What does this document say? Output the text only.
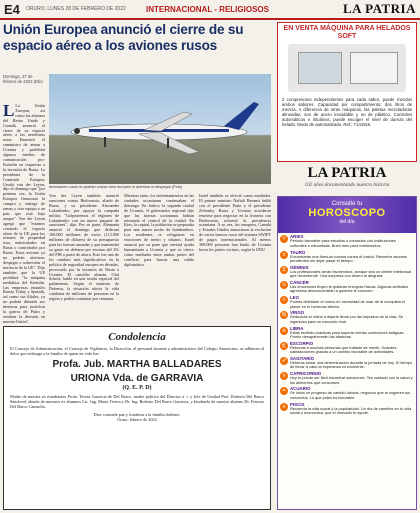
E4	ORURO, LUNES 28 DE FEBRERO DE 2022	INTERNACIONAL - RELIGIOSOS	LA PATRIA
Unión Europea anunció el cierre de su espacio aéreo a los aviones rusos
Domingo, 27 de febrero de 2022 (Efe)
Aeronaves rusas no podrán cruzar cielo europeo ni aterrizar ni despegar (Foto)
L La Unión Europea, así como las alianzas del Reino Unido y Canadá, anunció el cierre de su espacio aéreo a las aerolíneas rusas. Enumeró el suministro de armas a Ucrania y prohibirá algunos medios de comunicación pro-Kremlin en respuesta a la invasión de Rusia. La presidenta de la Comisión Europea, Ursula von der Leyen, dijo el domingo que "por primera vez, la Unión Europea financiará la compra y entrega de armas y otro equipo a un país que está bajo ataque". Von der Leyen agregó que "estamos cerrando el espacio aéreo de la UE para los aviones de propiedad rusa, matriculados en Rusia o controlados por Rusia. Estos aviones ya no podrán aterrizar, despegar o sobrevolar el territorio de la UE". Dijo también que la UE prohibirá "la máquina mediática del Kremlin. Las empresas estatales Russia Today y Sputnik, así como sus filiales, ya no podrán difundir sus mentiras para justificar la guerra de Putin y sembrar la división en nuestra Unión".
Von der Leyen también anunció sanciones contra Bielorrusia, aliado de Rusia, y su presidente Alexander Lukashenko, por apoyar la campaña militar. "Golpearemos el régimen de Lukashenko con un nuevo paquete de sanciones", dijo. Por su parte, Alemania anunció el domingo que dedicará 100.000 millones de euros (113.000 millones de dólares) de su presupuesto para las fuerzas armadas y que mantendrá su gasto en defensa por encima del 2% del PIB a partir de ahora. Este fue uno de los cambios más significativos en la política de seguridad europea en décadas, provocado por la invasión de Rusia a Ucrania. El canciller alemán, Olaf Scholz, habló en una sesión especial del parlamento. Según el ministro de Defensa, la situación afecta la vida cotidiana de millones de personas en la región y podría continuar por semanas.
Mientras tanto, los enfrentamientos en las ciudades ucranianas continuaban el domingo. En Jarkov, la segunda ciudad de Ucrania, el gobernador regional dijo que las fuerzas ucranianas habían retomado el control de la ciudad. En Kiev, la capital, la población se preparaba para una nueva noche de bombardeos. Los residentes se refugiaron en estaciones de metro y sótanos. Israel anunció por su parte que enviará ayuda humanitaria a Ucrania y que se ofrece como mediador entre ambas partes del conflicto para buscar una salida diplomática.
Israel también se ofreció como mediador. El primer ministro Naftali Bennett habló con el presidente Putin y el presidente Zelensky. Rusia y Ucrania acordaron reunirse para negociar en la frontera con Bielorrusia, informó la presidencia ucraniana. A su vez, los europeos, Canadá y Estados Unidos anunciaron la exclusión de varios bancos rusos del sistema SWIFT de pagos internacionales. Al menos 368.000 personas han huido de Ucrania hacia los países vecinos, según la ONU.
Condolencia
El Consejo de Administración, el Consejo de Vigilancia, la Dirección, el personal docente y administrativo del Colegio Americano, se adhieren al dolor que embarga a la familia de quien en vida fue:
Profa. Jub. MARTHA BALLADARES
URIONA Vda. de GARRAVIA
(Q. E. P. D)
Madre de nuestra ex estudiantes Profa. Teresa Garravia de Del Barco, madre política del Director a. i. y Jefe de Unidad Prof. Roberto Del Barco Sandoval, abuela de nuestros ex alumnos Lic. Ing. María Teresa y Dr. Ing. Roberto Del Barco Garravia, y bisabuela de nuestro alumno Dr. Ernesto Del Barco Camacho.
Dios consuele paz y fortaleza a la familia doliente.
Oruro, febrero de 2022
EN VENTA MÁQUINA PARA HELADOS SOFT
2 compresores independientes para cada sabor, puede mezclar ambos sabores. Capacidad por compartimiento: dos litros de mezcla. A diferencia de otras máquinas, las paletas mezcladoras alineadas, son de acero inoxidable y no de plástico. Controles automáticos e intuitivos, puede escoger el nivel de dureza del helado. Modo de automatizado. Ref.: 7141516
LA PATRIA
102 años documentando nuestra historia
Consulte tu
HOROSCOPO
del día
♈ ARIES
Periodo favorable para estudios o contactos con instituciones culturales o educativas. Buen mes para matrimonios.
♉ TAURO
Encontrarás una fórmula curiosa contra el hastío. Resuelve asuntos pendientes sin dejar pasar el tiempo.
♊ GÉMINIS
Los profesionales serán favorecidos, aunque sea un cliente intelectual que recomiende. Una sorpresa con dinero te alegrará.
♋ CÁNCER
Las emociones fluyen te quitarán energías físicas. Algunas actitudes agresivas desconcertarán a quienes te conocen.
♌ LEO
Podrás deleitarte el nuevo en necesidad de usar de la conquista el placer en tu hermosa afición.
♍ VIRGO
Reducirás tu rutina a dejarte llevar por las impulsos de la vida. Se ingeniosa para un conocido rival.
♎ LIBRA
Estas recibido prácticas para superar ciertas conexiones antiguas. Pronto desaparecerán las ataduras.
♏ ESCORPIO
Retomas a muchas personas que trataste de mentir. Grandes satisfacciones gracias a un cambio favorable de actividades.
♐ SAGITARIO
Deberás tomar una determinación durante la jornada de hoy. El tiempo de llevar a cabo la esperanza es excelente.
♑ CAPRICORNIO
Hoy te puede ser fácil encontrar soluciones. Ten cuidado con la salud y los alimentos que consumes.
♒ ACUARIO
Se inicia un progreso de cambio laboral, negocios que te sugieren tus conocidos. Lo que pides es favorable.
♓ PISCIS
Recuerda la vida social y la popularidad. Un día de cambios en tu vida social y económica, que el mercado te ayude.
